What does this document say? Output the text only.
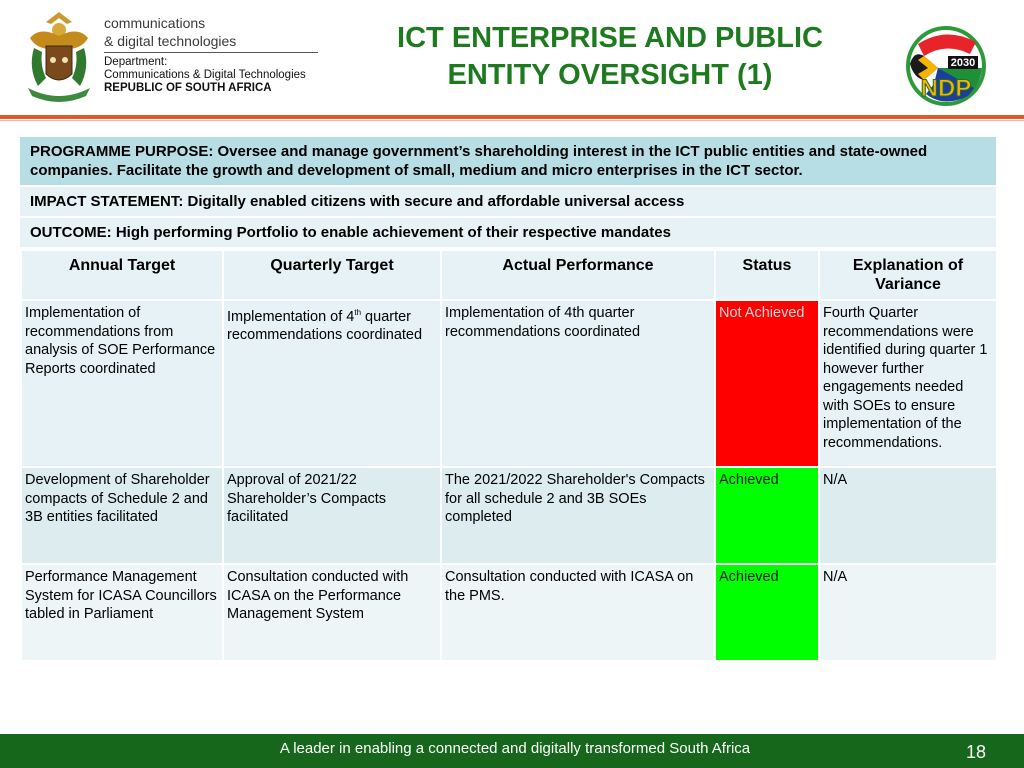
communications
& digital technologies
Department:
Communications & Digital Technologies
REPUBLIC OF SOUTH AFRICA
ICT ENTERPRISE AND PUBLIC
ENTITY OVERSIGHT (1)	2030
NDP
PROGRAMME PURPOSE: Oversee and manage government’s shareholding interest in the ICT public entities and state-owned companies. Facilitate the growth and development of small, medium and micro enterprises in the ICT sector.
IMPACT STATEMENT: Digitally enabled citizens with secure and affordable universal access
OUTCOME: High performing Portfolio to enable achievement of their respective mandates
Annual Target	Quarterly Target	Actual Performance	Status	Explanation of Variance
Implementation of recommendations from analysis of SOE Performance Reports coordinated	Implementation of 4th quarter recommendations coordinated	Implementation of 4th quarter recommendations coordinated	Not Achieved	Fourth Quarter recommendations were identified during quarter 1 however further engagements needed with SOEs to ensure implementation of the recommendations.
Development of Shareholder compacts of Schedule 2 and 3B entities facilitated	Approval of 2021/22 Shareholder’s Compacts facilitated	The 2021/2022 Shareholder's Compacts for all schedule 2 and 3B SOEs completed	Achieved	N/A
Performance Management System for ICASA Councillors tabled in Parliament	Consultation conducted with ICASA on the Performance Management System	Consultation conducted with ICASA on the PMS.	Achieved	N/A
A leader in enabling a connected and digitally transformed South Africa	18
